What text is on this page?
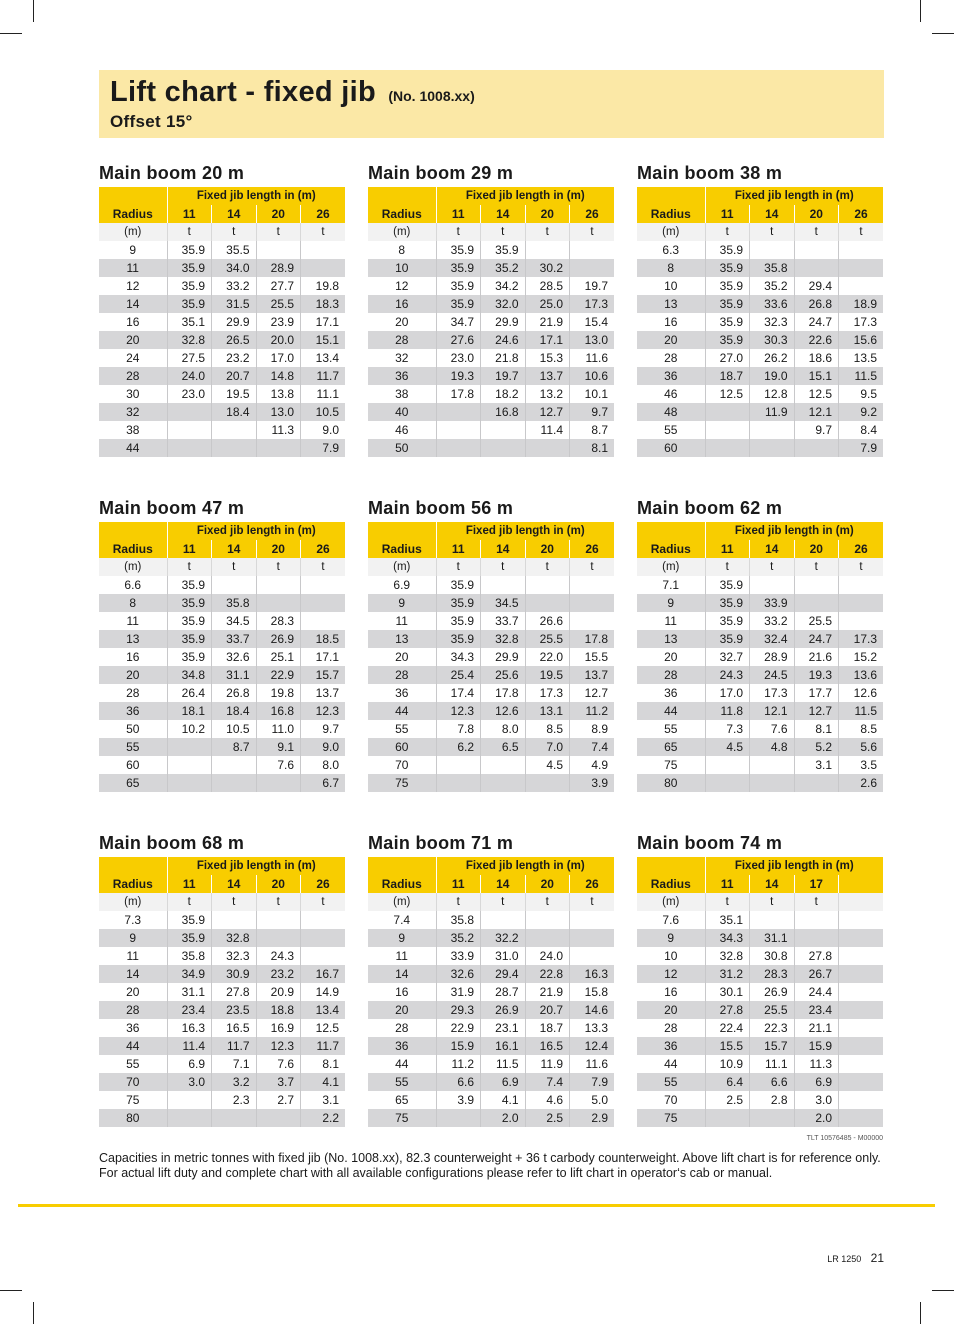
Lift chart - fixed jib (No. 1008.xx)
Offset 15°
Main boom 20 m
	Fixed jib length in (m)			
Radius	11	14	20	26
(m)	t	t	t	t
9	35.9	35.5		
11	35.9	34.0	28.9	
12	35.9	33.2	27.7	19.8
14	35.9	31.5	25.5	18.3
16	35.1	29.9	23.9	17.1
20	32.8	26.5	20.0	15.1
24	27.5	23.2	17.0	13.4
28	24.0	20.7	14.8	11.7
30	23.0	19.5	13.8	11.1
32		18.4	13.0	10.5
38			11.3	9.0
44				7.9
Main boom 29 m
	Fixed jib length in (m)			
Radius	11	14	20	26
(m)	t	t	t	t
8	35.9	35.9		
10	35.9	35.2	30.2	
12	35.9	34.2	28.5	19.7
16	35.9	32.0	25.0	17.3
20	34.7	29.9	21.9	15.4
28	27.6	24.6	17.1	13.0
32	23.0	21.8	15.3	11.6
36	19.3	19.7	13.7	10.6
38	17.8	18.2	13.2	10.1
40		16.8	12.7	9.7
46			11.4	8.7
50				8.1
Main boom 38 m
	Fixed jib length in (m)			
Radius	11	14	20	26
(m)	t	t	t	t
6.3	35.9			
8	35.9	35.8		
10	35.9	35.2	29.4	
13	35.9	33.6	26.8	18.9
16	35.9	32.3	24.7	17.3
20	35.9	30.3	22.6	15.6
28	27.0	26.2	18.6	13.5
36	18.7	19.0	15.1	11.5
46	12.5	12.8	12.5	9.5
48		11.9	12.1	9.2
55			9.7	8.4
60				7.9
Main boom 47 m
	Fixed jib length in (m)			
Radius	11	14	20	26
(m)	t	t	t	t
6.6	35.9			
8	35.9	35.8		
11	35.9	34.5	28.3	
13	35.9	33.7	26.9	18.5
16	35.9	32.6	25.1	17.1
20	34.8	31.1	22.9	15.7
28	26.4	26.8	19.8	13.7
36	18.1	18.4	16.8	12.3
50	10.2	10.5	11.0	9.7
55		8.7	9.1	9.0
60			7.6	8.0
65				6.7
Main boom 56 m
	Fixed jib length in (m)			
Radius	11	14	20	26
(m)	t	t	t	t
6.9	35.9			
9	35.9	34.5		
11	35.9	33.7	26.6	
13	35.9	32.8	25.5	17.8
20	34.3	29.9	22.0	15.5
28	25.4	25.6	19.5	13.7
36	17.4	17.8	17.3	12.7
44	12.3	12.6	13.1	11.2
55	7.8	8.0	8.5	8.9
60	6.2	6.5	7.0	7.4
70			4.5	4.9
75				3.9
Main boom 62 m
	Fixed jib length in (m)			
Radius	11	14	20	26
(m)	t	t	t	t
7.1	35.9			
9	35.9	33.9		
11	35.9	33.2	25.5	
13	35.9	32.4	24.7	17.3
20	32.7	28.9	21.6	15.2
28	24.3	24.5	19.3	13.6
36	17.0	17.3	17.7	12.6
44	11.8	12.1	12.7	11.5
55	7.3	7.6	8.1	8.5
65	4.5	4.8	5.2	5.6
75			3.1	3.5
80				2.6
Main boom 68 m
	Fixed jib length in (m)			
Radius	11	14	20	26
(m)	t	t	t	t
7.3	35.9			
9	35.9	32.8		
11	35.8	32.3	24.3	
14	34.9	30.9	23.2	16.7
20	31.1	27.8	20.9	14.9
28	23.4	23.5	18.8	13.4
36	16.3	16.5	16.9	12.5
44	11.4	11.7	12.3	11.7
55	6.9	7.1	7.6	8.1
70	3.0	3.2	3.7	4.1
75		2.3	2.7	3.1
80				2.2
Main boom 71 m
	Fixed jib length in (m)			
Radius	11	14	20	26
(m)	t	t	t	t
7.4	35.8			
9	35.2	32.2		
11	33.9	31.0	24.0	
14	32.6	29.4	22.8	16.3
16	31.9	28.7	21.9	15.8
20	29.3	26.9	20.7	14.6
28	22.9	23.1	18.7	13.3
36	15.9	16.1	16.5	12.4
44	11.2	11.5	11.9	11.6
55	6.6	6.9	7.4	7.9
65	3.9	4.1	4.6	5.0
75		2.0	2.5	2.9
Main boom 74 m
	Fixed jib length in (m)			
Radius	11	14	17	
(m)	t	t	t	
7.6	35.1			
9	34.3	31.1		
10	32.8	30.8	27.8	
12	31.2	28.3	26.7	
16	30.1	26.9	24.4	
20	27.8	25.5	23.4	
28	22.4	22.3	21.1	
36	15.5	15.7	15.9	
44	10.9	11.1	11.3	
55	6.4	6.6	6.9	
70	2.5	2.8	3.0	
75			2.0	
TLT 10576485 - M00000
Capacities in metric tonnes with fixed jib (No. 1008.xx), 82.3 counterweight + 36 t carbody counterweight. Above lift chart is for reference only.
For actual lift duty and complete chart with all available configurations please refer to lift chart in operator‘s cab or manual.
LR 1250 21
